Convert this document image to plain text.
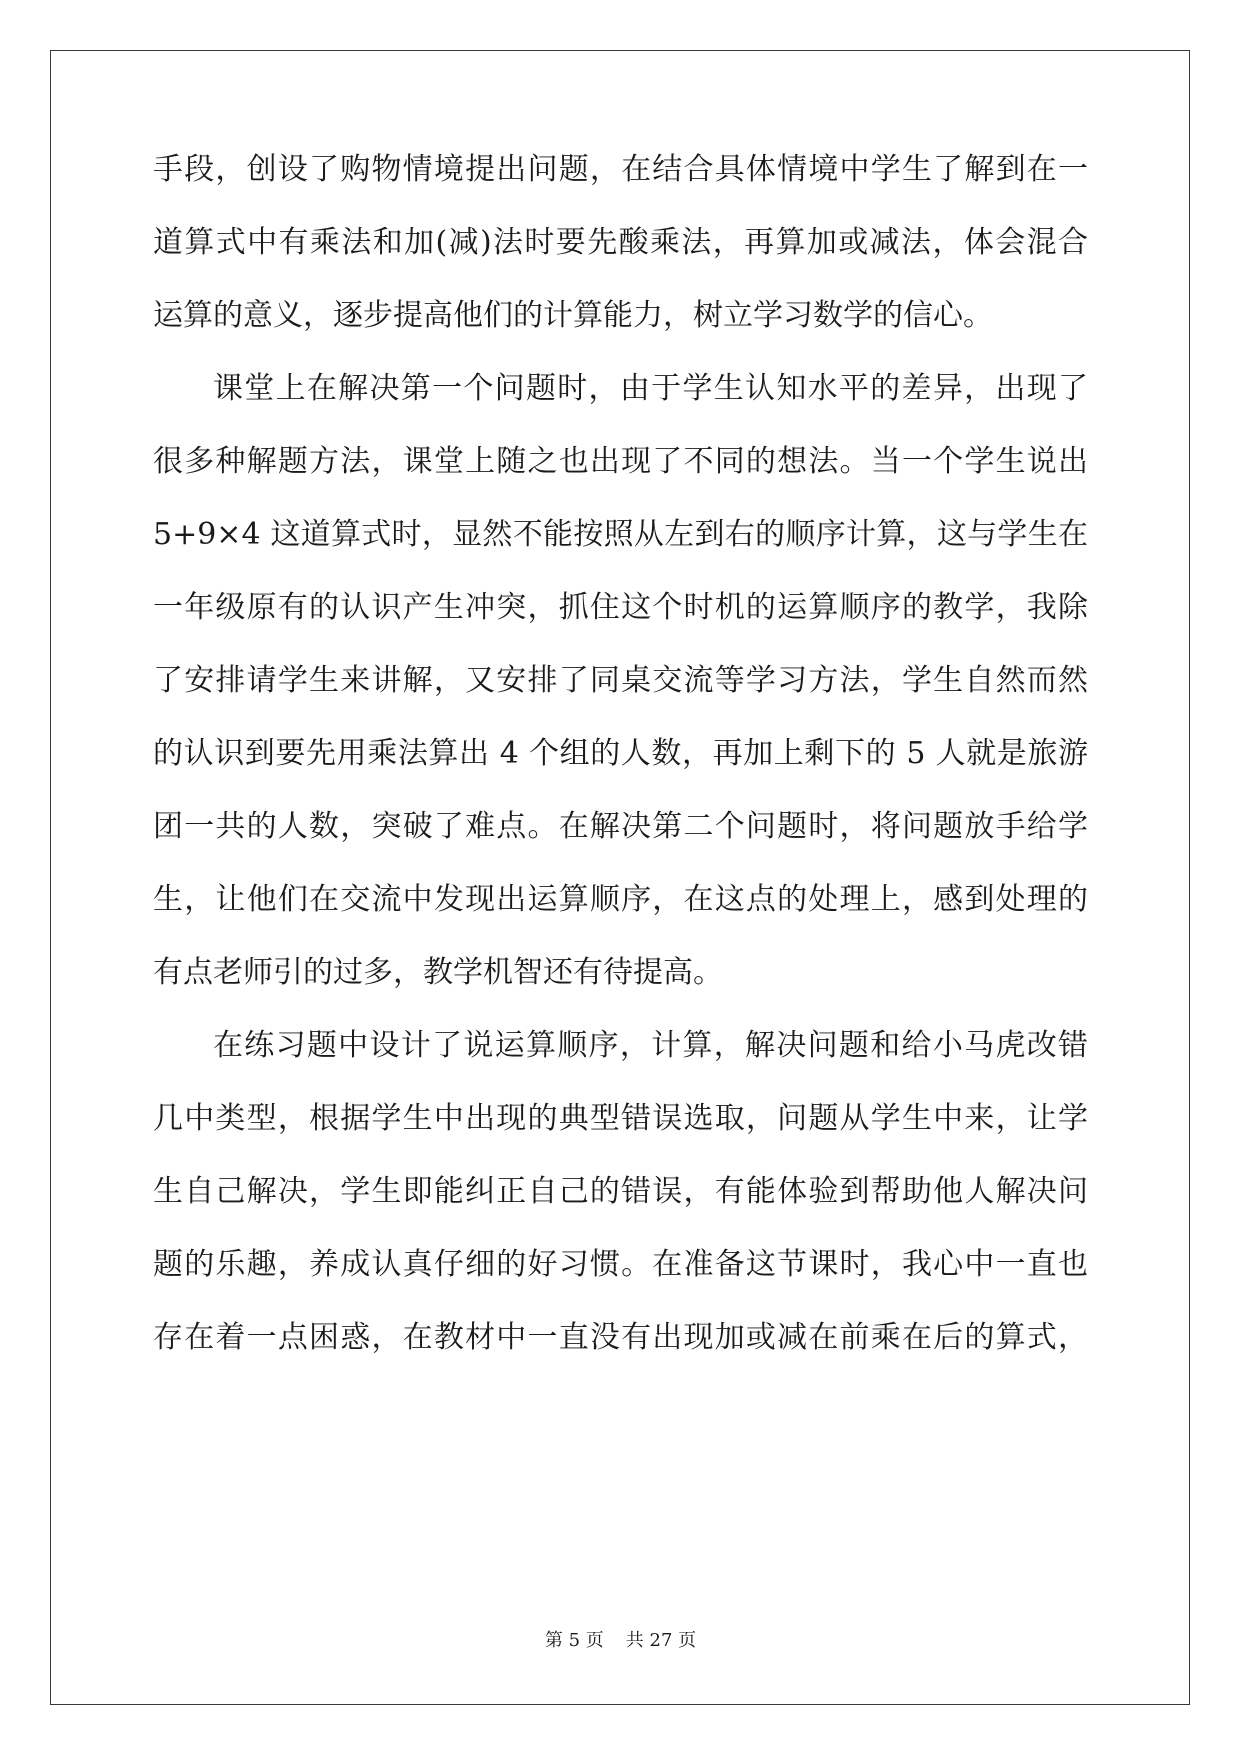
手段，创设了购物情境提出问题，在结合具体情境中学生了解到在一
道算式中有乘法和加(减)法时要先酸乘法，再算加或减法，体会混合
运算的意义，逐步提高他们的计算能力，树立学习数学的信心。
课堂上在解决第一个问题时，由于学生认知水平的差异，出现了
很多种解题方法，课堂上随之也出现了不同的想法。当一个学生说出
5+9×4 这道算式时，显然不能按照从左到右的顺序计算，这与学生在
一年级原有的认识产生冲突，抓住这个时机的运算顺序的教学，我除
了安排请学生来讲解，又安排了同桌交流等学习方法，学生自然而然
的认识到要先用乘法算出 4 个组的人数，再加上剩下的 5 人就是旅游
团一共的人数，突破了难点。在解决第二个问题时，将问题放手给学
生，让他们在交流中发现出运算顺序，在这点的处理上，感到处理的
有点老师引的过多，教学机智还有待提高。
在练习题中设计了说运算顺序，计算，解决问题和给小马虎改错
几中类型，根据学生中出现的典型错误选取，问题从学生中来，让学
生自己解决，学生即能纠正自己的错误，有能体验到帮助他人解决问
题的乐趣，养成认真仔细的好习惯。在准备这节课时，我心中一直也
存在着一点困惑，在教材中一直没有出现加或减在前乘在后的算式，
第 5 页 共 27 页
